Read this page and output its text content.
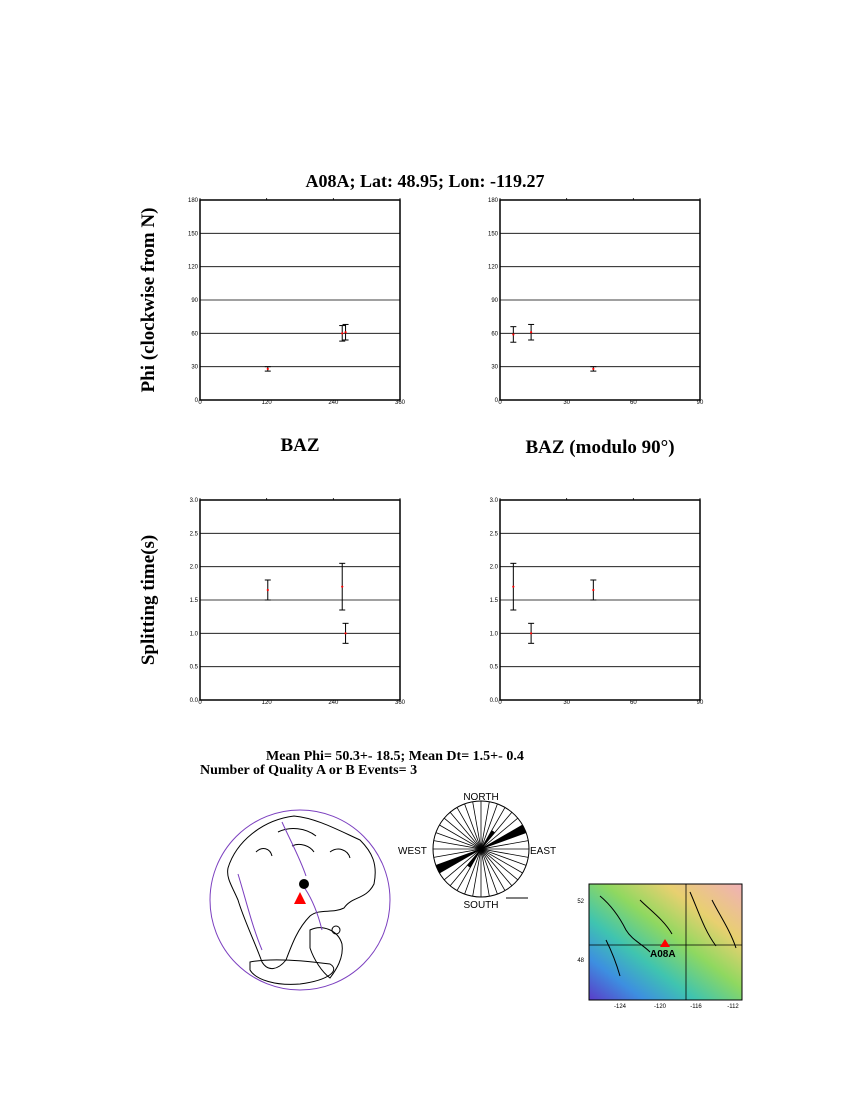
A08A; Lat: 48.95; Lon: -119.27
Phi (clockwise from N)
Splitting time(s)
BAZ	BAZ (modulo 90°)
0
30
60
90
120
150
180
0	120	240	360	0
30
60
90
120
150
180
0	30	60	90
0.0
0.5
1.0
1.5
2.0
2.5
3.0
0	120	240	360	0.0
0.5
1.0
1.5
2.0
2.5
3.0
0	30	60	90
Mean Phi= 50.3+- 18.5; Mean Dt= 1.5+- 0.4
Number of Quality A or B Events= 3
NORTH
SOUTH
EAST
WEST
A08A
52
48
-124	-120	-116	-112
